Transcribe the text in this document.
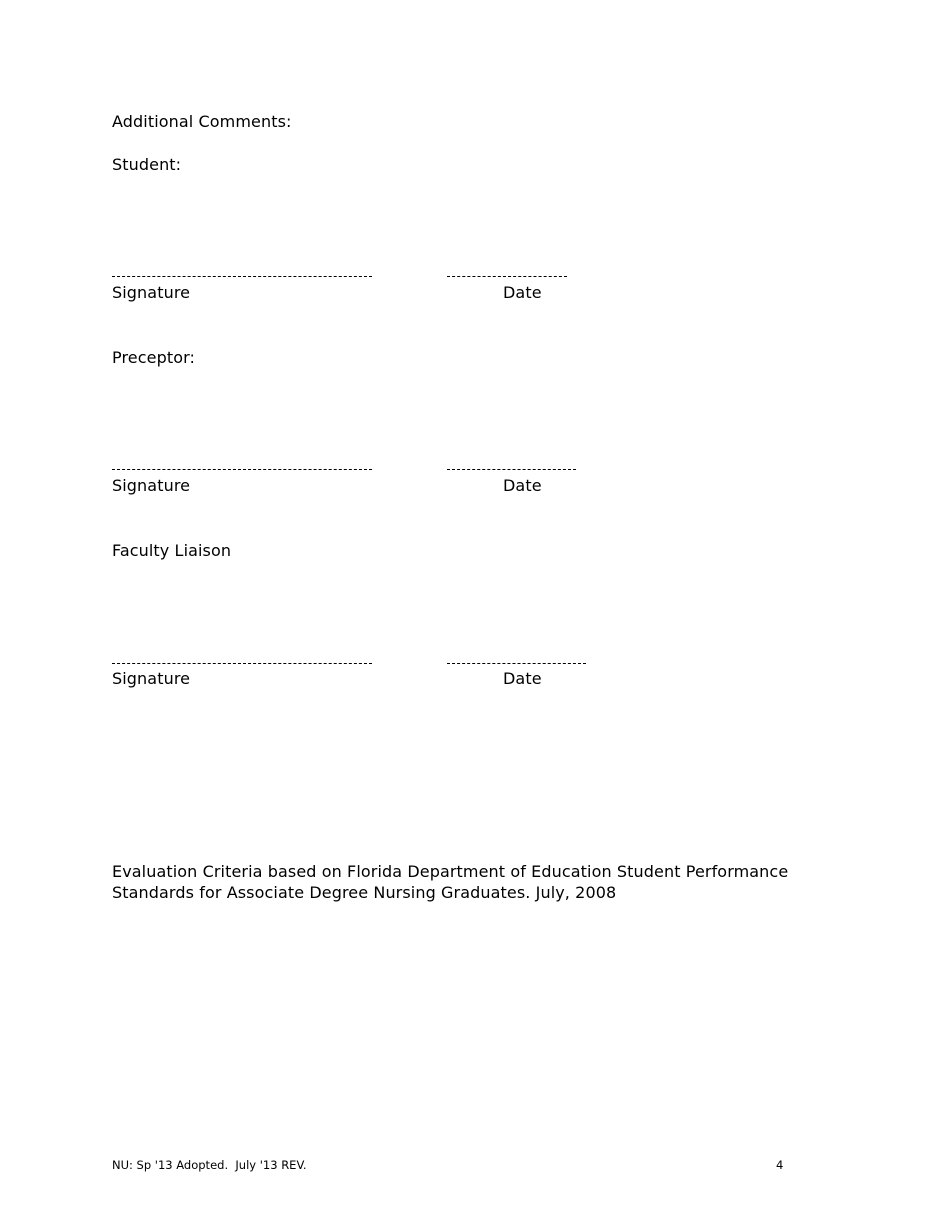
Additional Comments:
Student:
Signature	Date
Preceptor:
Signature	Date
Faculty Liaison
Signature	Date
Evaluation Criteria based on Florida Department of Education Student Performance
Standards for Associate Degree Nursing Graduates. July, 2008
NU: Sp '13 Adopted.  July '13 REV.	4
